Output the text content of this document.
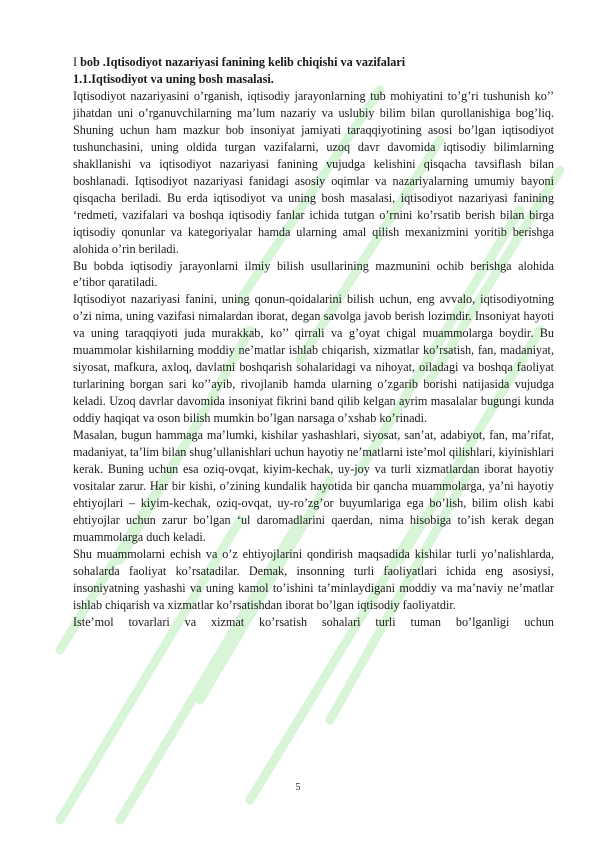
I bob .Iqtisodiyot nazariyasi fanining kelib chiqishi va vazifalari

1.1.Iqtisodiyot va uning bosh masalasi.

Iqtisodiyot nazariyasini o’rganish, iqtisodiy jarayonlarning tub mohiyatini to’g’ri tushunish ko’’ jihatdan uni o’rganuvchilarning ma’lum nazariy va uslubiy bilim bilan qurollanishiga bog’liq. Shuning uchun ham mazkur bob insoniyat jamiyati taraqqiyotining asosi bo’lgan iqtisodiyot tushunchasini, uning oldida turgan vazifalarni, uzoq davr davomida iqtisodiy bilimlarning shakllanishi va iqtisodiyot nazariyasi fanining vujudga kelishini qisqacha tavsiflash bilan boshlanadi. Iqtisodiyot nazariyasi fanidagi asosiy oqimlar va nazariyalarning umumiy bayoni qisqacha beriladi. Bu erda iqtisodiyot va uning bosh masalasi, iqtisodiyot nazariyasi fanining ‘redmeti, vazifalari va boshqa iqtisodiy fanlar ichida tutgan o’rnini ko’rsatib berish bilan birga iqtisodiy qonunlar va kategoriyalar hamda ularning amal qilish mexanizmini yoritib berishga alohida o’rin beriladi.

Bu bobda iqtisodiy jarayonlarni ilmiy bilish usullarining mazmunini ochib berishga alohida e’tibor qaratiladi.

Iqtisodiyot nazariyasi fanini, uning qonun-qoidalarini bilish uchun, eng avvalo, iqtisodiyotning o’zi nima, uning vazifasi nimalardan iborat, degan savolga javob berish lozimdir. Insoniyat hayoti va uning taraqqiyoti juda murakkab, ko’’ qirrali va g’oyat chigal muammolarga boydir. Bu muammolar kishilarning moddiy ne’matlar ishlab chiqarish, xizmatlar ko’rsatish, fan, madaniyat, siyosat, mafkura, axloq, davlatni boshqarish sohalaridagi va nihoyat, oiladagi va boshqa faoliyat turlarining borgan sari ko’’ayib, rivojlanib hamda ularning o’zgarib borishi natijasida vujudga keladi. Uzoq davrlar davomida insoniyat fikrini band qilib kelgan ayrim masalalar bugungi kunda oddiy haqiqat va oson bilish mumkin bo’lgan narsaga o’xshab ko’rinadi.

Masalan, bugun hammaga ma’lumki, kishilar yashashlari, siyosat, san’at, adabiyot, fan, ma’rifat, madaniyat, ta’lim bilan shug’ullanishlari uchun hayotiy ne’matlarni iste’mol qilishlari, kiyinishlari kerak. Buning uchun esa oziq-ovqat, kiyim-kechak, uy-joy va turli xizmatlardan iborat hayotiy vositalar zarur. Har bir kishi, o’zining kundalik hayotida bir qancha muammolarga, ya’ni hayotiy ehtiyojlari – kiyim-kechak, oziq-ovqat, uy-ro’zg’or buyumlariga ega bo’lish, bilim olish kabi ehtiyojlar uchun zarur bo’lgan ‘ul daromadlarini qaerdan, nima hisobiga to’ish kerak degan muammolarga duch keladi.

Shu muammolarni echish va o’z ehtiyojlarini qondirish maqsadida kishilar turli yo’nalishlarda, sohalarda faoliyat ko’rsatadilar. Demak, insonning turli faoliyatlari ichida eng asosiysi, insoniyatning yashashi va uning kamol to’ishini ta’minlaydigani moddiy va ma’naviy ne’matlar ishlab chiqarish va xizmatlar ko’rsatishdan iborat bo’lgan iqtisodiy faoliyatdir.

Iste’mol tovarlari va xizmat ko’rsatish sohalari turli tuman bo’lganligi uchun

5
